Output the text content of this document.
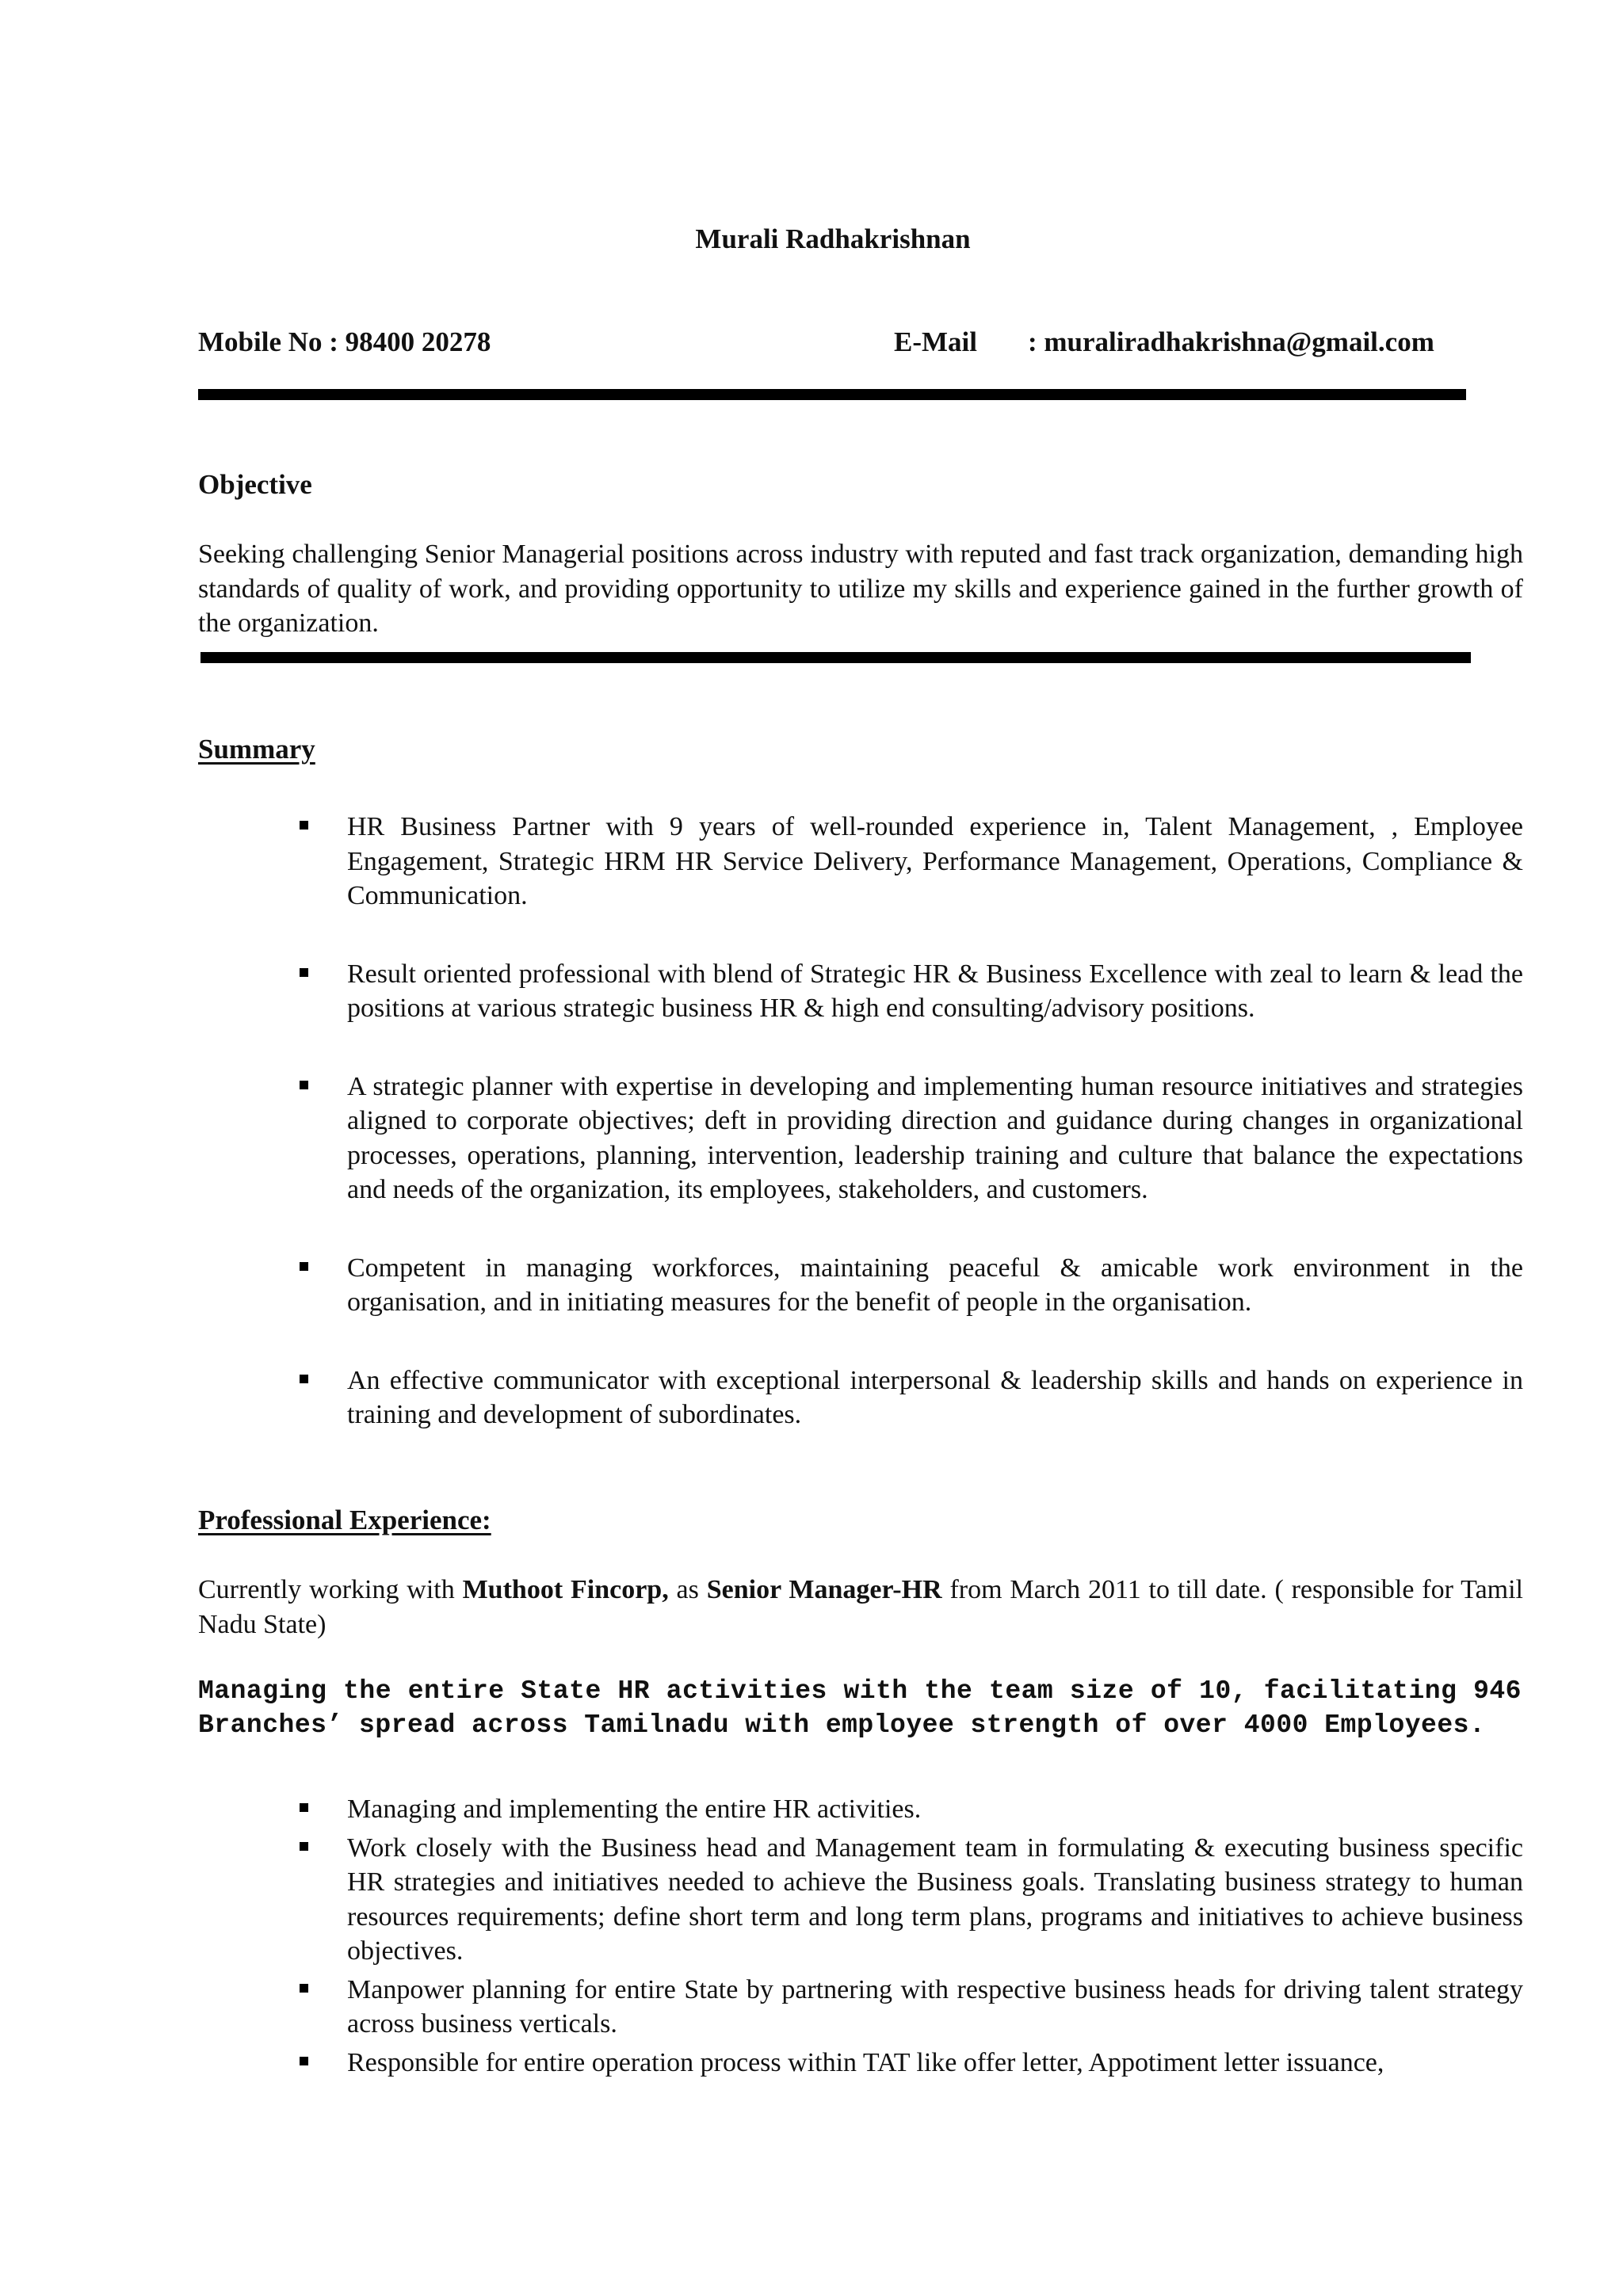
Murali Radhakrishnan
Mobile No : 98400 20278	E-Mail : muraliradhakrishna@gmail.com
Objective
Seeking challenging Senior Managerial positions across industry with reputed and fast track organization, demanding high standards of quality of work, and providing opportunity to utilize my skills and experience gained in the further growth of the organization.
Summary
HR Business Partner with 9 years of well-rounded experience in, Talent Management, , Employee Engagement, Strategic HRM HR Service Delivery, Performance Management, Operations, Compliance & Communication.
Result oriented professional with blend of Strategic HR & Business Excellence with zeal to learn & lead the positions at various strategic business HR & high end consulting/advisory positions.
A strategic planner with expertise in developing and implementing human resource initiatives and strategies aligned to corporate objectives; deft in providing direction and guidance during changes in organizational processes, operations, planning, intervention, leadership training and culture that balance the expectations and needs of the organization, its employees, stakeholders, and customers.
Competent in managing workforces, maintaining peaceful & amicable work environment in the organisation, and in initiating measures for the benefit of people in the organisation.
An effective communicator with exceptional interpersonal & leadership skills and hands on experience in training and development of subordinates.
Professional Experience:
Currently working with Muthoot Fincorp, as Senior Manager-HR from March 2011 to till date. ( responsible for Tamil Nadu State)
Managing the entire State HR activities with the team size of 10, facilitating 946 Branches’ spread across Tamilnadu with employee strength of over 4000 Employees.
Managing and implementing the entire HR activities.
Work closely with the Business head and Management team in formulating & executing business specific HR strategies and initiatives needed to achieve the Business goals. Translating business strategy to human resources requirements; define short term and long term plans, programs and initiatives to achieve business objectives.
Manpower planning for entire State by partnering with respective business heads for driving talent strategy across business verticals.
Responsible for entire operation process within TAT like offer letter, Appotiment letter issuance,
